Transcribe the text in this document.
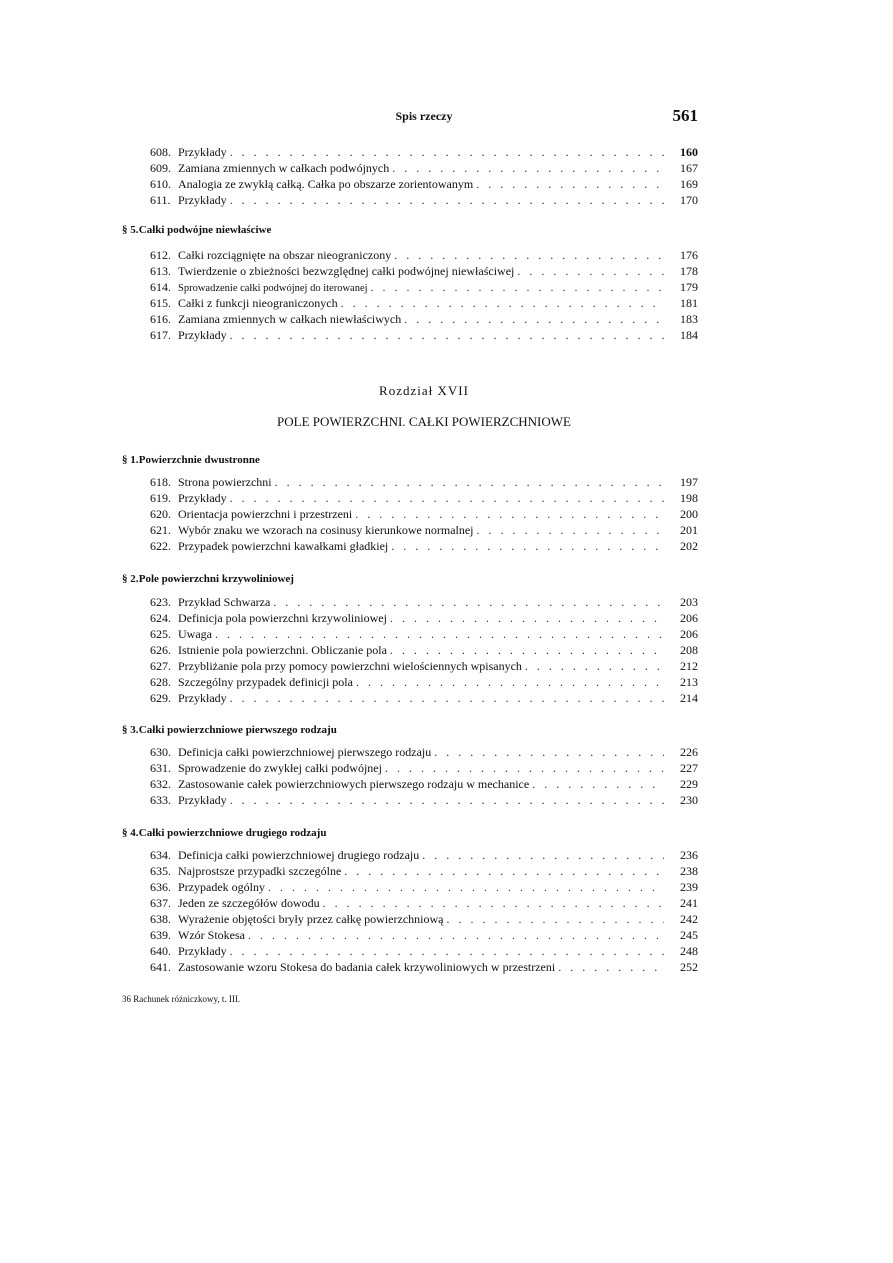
Spis rzeczy	561
608. Przykłady . . .	160
609. Zamiana zmiennych w całkach podwójnych . . .	167
610. Analogia ze zwykłą całką. Całka po obszarze zorientowanym . . .	169
611. Przykłady . . .	170
§ 5. Całki podwójne niewłaściwe
612. Całki rozciągnięte na obszar nieograniczony . . .	176
613. Twierdzenie o zbieżności bezwzględnej całki podwójnej niewłaściwej . . .	178
614. Sprowadzenie całki podwójnej do iterowanej . . .	179
615. Całki z funkcji nieograniczonych . . .	181
616. Zamiana zmiennych w całkach niewłaściwych . . .	183
617. Przykłady . . .	184
Rozdział XVII
POLE POWIERZCHNI. CAŁKI POWIERZCHNIOWE
§ 1. Powierzchnie dwustronne
618. Strona powierzchni . . .	197
619. Przykłady . . .	198
620. Orientacja powierzchni i przestrzeni . . .	200
621. Wybór znaku we wzorach na cosinusy kierunkowe normalnej . . .	201
622. Przypadek powierzchni kawałkami gładkiej . . .	202
§ 2. Pole powierzchni krzywoliniowej
623. Przykład Schwarza . . .	203
624. Definicja pola powierzchni krzywoliniowej . . .	206
625. Uwaga . . .	206
626. Istnienie pola powierzchni. Obliczanie pola . . .	208
627. Przybliżanie pola przy pomocy powierzchni wielościennych wpisanych . . .	212
628. Szczególny przypadek definicji pola . . .	213
629. Przykłady . . .	214
§ 3. Całki powierzchniowe pierwszego rodzaju
630. Definicja całki powierzchniowej pierwszego rodzaju . . .	226
631. Sprowadzenie do zwykłej całki podwójnej . . .	227
632. Zastosowanie całek powierzchniowych pierwszego rodzaju w mechanice . . .	229
633. Przykłady . . .	230
§ 4. Całki powierzchniowe drugiego rodzaju
634. Definicja całki powierzchniowej drugiego rodzaju . . .	236
635. Najprostsze przypadki szczególne . . .	238
636. Przypadek ogólny . . .	239
637. Jeden ze szczegółów dowodu . . .	241
638. Wyrażenie objętości bryły przez całkę powierzchniową . . .	242
639. Wzór Stokesa . . .	245
640. Przykłady . . .	248
641. Zastosowanie wzoru Stokesa do badania całek krzywoliniowych w przestrzeni . . .	252
36 Rachunek różniczkowy, t. III.
